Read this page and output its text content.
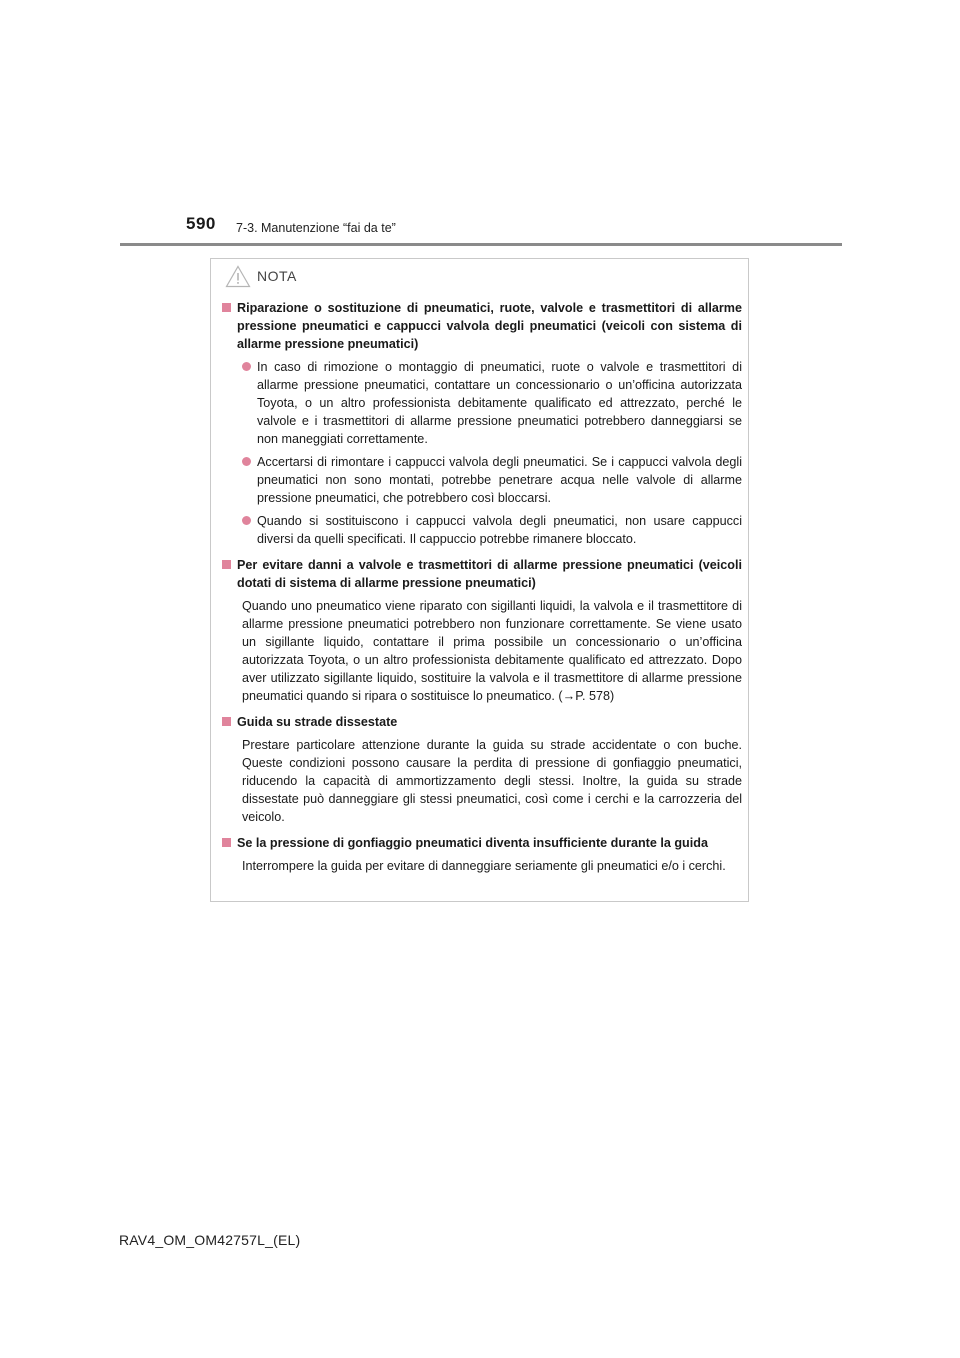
590 7-3. Manutenzione “fai da te”
NOTA
Riparazione o sostituzione di pneumatici, ruote, valvole e trasmettitori di allarme pressione pneumatici e cappucci valvola degli pneumatici (veicoli con sistema di allarme pressione pneumatici)
In caso di rimozione o montaggio di pneumatici, ruote o valvole e trasmettitori di allarme pressione pneumatici, contattare un concessionario o un’officina autorizzata Toyota, o un altro professionista debitamente qualificato ed attrezzato, perché le valvole e i trasmettitori di allarme pressione pneumatici potrebbero danneggiarsi se non maneggiati correttamente.
Accertarsi di rimontare i cappucci valvola degli pneumatici. Se i cappucci valvola degli pneumatici non sono montati, potrebbe penetrare acqua nelle valvole di allarme pressione pneumatici, che potrebbero così bloccarsi.
Quando si sostituiscono i cappucci valvola degli pneumatici, non usare cappucci diversi da quelli specificati. Il cappuccio potrebbe rimanere bloccato.
Per evitare danni a valvole e trasmettitori di allarme pressione pneumatici (veicoli dotati di sistema di allarme pressione pneumatici)
Quando uno pneumatico viene riparato con sigillanti liquidi, la valvola e il trasmettitore di allarme pressione pneumatici potrebbero non funzionare correttamente. Se viene usato un sigillante liquido, contattare il prima possibile un concessionario o un’officina autorizzata Toyota, o un altro professionista debitamente qualificato ed attrezzato. Dopo aver utilizzato sigillante liquido, sostituire la valvola e il trasmettitore di allarme pressione pneumatici quando si ripara o sostituisce lo pneumatico. (→P. 578)
Guida su strade dissestate
Prestare particolare attenzione durante la guida su strade accidentate o con buche. Queste condizioni possono causare la perdita di pressione di gonfiaggio pneumatici, riducendo la capacità di ammortizzamento degli stessi. Inoltre, la guida su strade dissestate può danneggiare gli stessi pneumatici, così come i cerchi e la carrozzeria del veicolo.
Se la pressione di gonfiaggio pneumatici diventa insufficiente durante la guida
Interrompere la guida per evitare di danneggiare seriamente gli pneumatici e/o i cerchi.
RAV4_OM_OM42757L_(EL)
